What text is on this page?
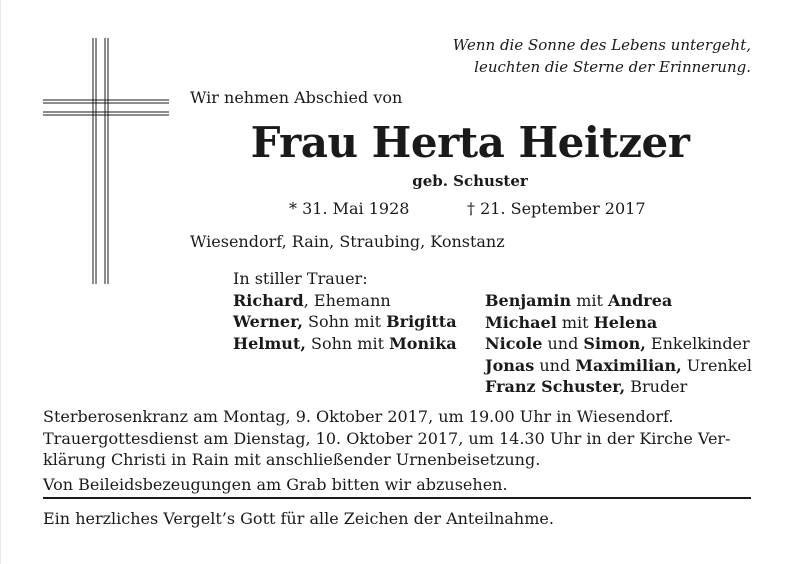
Wenn die Sonne des Lebens untergeht,
leuchten die Sterne der Erinnerung.
Wir nehmen Abschied von
Frau Herta Heitzer
geb. Schuster
* 31. Mai 1928	† 21. September 2017
Wiesendorf, Rain, Straubing, Konstanz
In stiller Trauer:
Richard, Ehemann
Werner, Sohn mit Brigitta
Helmut, Sohn mit Monika
Benjamin mit Andrea
Michael mit Helena
Nicole und Simon, Enkelkinder
Jonas und Maximilian, Urenkel
Franz Schuster, Bruder

Sterberosenkranz am Montag, 9. Oktober 2017, um 19.00 Uhr in Wiesendorf.

Trauergottesdienst am Dienstag, 10. Oktober 2017, um 14.30 Uhr in der Kirche Ver-

klärung Christi in Rain mit anschließender Urnenbeisetzung.

Von Beileidsbezeugungen am Grab bitten wir abzusehen.

Ein herzliches Vergelt’s Gott für alle Zeichen der Anteilnahme.
